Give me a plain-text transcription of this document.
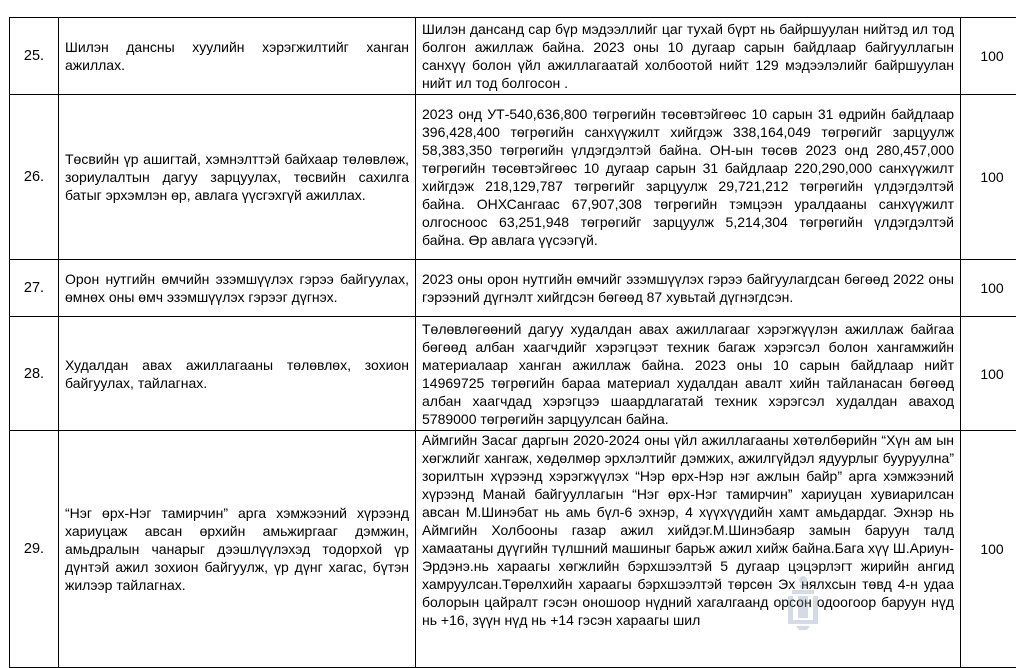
25.	Шилэн дансны хуулийн хэрэгжилтийг ханган ажиллах.	Шилэн дансанд сар бүр мэдээллийг цаг тухай бүрт нь байршуулан нийтэд ил тод болгон ажиллаж байна. 2023 оны 10 дугаар сарын байдлаар байгууллагын санхүү болон үйл ажиллагаатай холбоотой нийт 129 мэдээлэлийг байршуулан нийт ил тод болгосон .	100
26.	Төсвийн үр ашигтай, хэмнэлттэй байхаар төлөвлөж, зориулалтын дагуу зарцуулах, төсвийн сахилга батыг эрхэмлэн өр, авлага үүсгэхгүй ажиллах.	2023 онд УТ-540,636,800 төгрөгийн төсөвтэйгөөс 10 сарын 31 өдрийн байдлаар 396,428,400 төгрөгийн санхүүжилт хийгдэж 338,164,049 төгрөгийг зарцуулж 58,383,350 төгрөгийн үлдэгдэлтэй байна. ОН-ын төсөв 2023 онд 280,457,000 төгрөгийн төсөвтэйгөөс 10 дугаар сарын 31 байдлаар 220,290,000 санхүүжилт хийгдэж 218,129,787 төгрөгийг зарцуулж 29,721,212 төгрөгийн үлдэгдэлтэй байна. ОНХСангаас 67,907,308 төгрөгийн тэмцээн уралдааны санхүүжилт олгосноос 63,251,948 төгрөгийг зарцуулж 5,214,304 төгрөгийн үлдэгдэлтэй байна. Өр авлага үүсээгүй.	100
27.	Орон нутгийн өмчийн эзэмшүүлэх гэрээ байгуулах, өмнөх оны өмч эзэмшүүлэх гэрээг дүгнэх.	2023 оны орон нутгийн өмчийг эзэмшүүлэх гэрээ байгуулагдсан бөгөөд 2022 оны гэрээний дүгнэлт хийгдсэн бөгөөд 87 хувьтай дүгнэгдсэн.	100
28.	Худалдан авах ажиллагааны төлөвлөх, зохион байгуулах, тайлагнах.	Төлөвлөгөөний дагуу худалдан авах ажиллагааг хэрэгжүүлэн ажиллаж байгаа бөгөөд албан хаагчдийг хэрэгцээт техник багаж хэрэгсэл болон хангамжийн материалаар ханган ажиллаж байна. 2023 оны 10 сарын байдлаар нийт 14969725 төгрөгийн бараа материал худалдан авалт хийн тайланасан бөгөөд албан хаагчдад хэрэгцээ шаардлагатай техник хэрэгсэл худалдан аваход 5789000 төгрөгийн зарцуулсан байна.	100
29.	“Нэг өрх-Нэг тамирчин” арга хэмжээний хүрээнд хариуцаж авсан өрхийн амьжиргааг дэмжин, амьдралын чанарыг дээшлүүлэхэд тодорхой үр дүнтэй ажил зохион байгуулж, үр дүнг хагас, бүтэн жилээр тайлагнах.	Аймгийн Засаг даргын 2020-2024 оны үйл ажиллагааны хөтөлбөрийн “Хүн ам ын хөгжлийг хангаж, хөдөлмөр эрхлэлтийг дэмжих, ажилгүйдэл ядуурлыг бууруулна” зорилтын хүрээнд хэрэгжүүлэх “Нэр өрх-Нэр нэг ажлын байр” арга хэмжээний хүрээнд Манай байгууллагын “Нэг өрх-Нэг тамирчин” хариуцан хувиарилсан авсан М.Шинэбат нь амь бүл-6 эхнэр, 4 хүүхүүдийн хамт амьдардаг. Эхнэр нь Аймгийн Холбооны газар ажил хийдэг.М.Шинэбаяр замын баруун талд хамаатаны дүүгийн түлшний машиныг барьж ажил хийж байна.Бага хүү Ш.Ариун-Эрдэнэ.нь хараагы хөгжлийн бэрхшээлтэй 5 дугаар цэцэрлэгт жирийн ангид хамруулсан.Төрөлхийн хараагы бэрхшээлтэй төрсөн Эх нялхсын төвд 4-н удаа болорын цайралт гэсэн оношоор нүдний хагалгаанд орсон одоогоор баруун нүд нь +16, зүүн нүд нь +14 гэсэн хараагы шил	100
